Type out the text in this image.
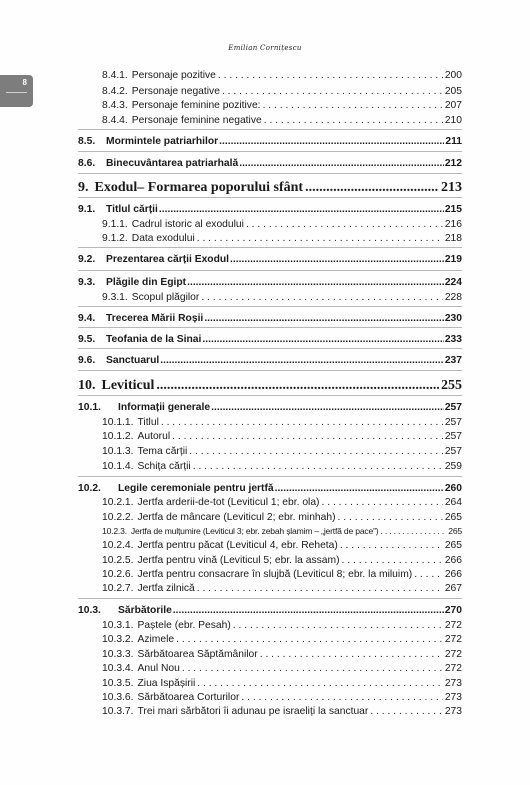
Emilian Cornițescu
8
8.4.1. Personaje pozitive . . .	200
8.4.2. Personaje negative . . .	205
8.4.3. Personaje feminine pozitive: . . .	207
8.4.4. Personaje feminine negative . . .	210
8.5.	Mormintele patriarhilor .....	211
8.6.	Binecuvântarea patriarhală .....	212
9. Exodul– Formarea poporului sfânt .....	213
9.1.	Titlul cărții .....	215
9.1.1. Cadrul istoric al exodului . . .	216
9.1.2. Data exodului . . .	218
9.2.	Prezentarea cărții Exodul .....	219
9.3.	Plăgile din Egipt .....	224
9.3.1. Scopul plăgilor . . .	228
9.4.	Trecerea Mării Roșii .....	230
9.5.	Teofania de la Sinai .....	233
9.6.	Sanctuarul .....	237
10. Leviticul .....	255
10.1.	Informații generale .....	257
10.1.1. Titlul . . .	257
10.1.2. Autorul . . .	257
10.1.3. Tema cărții . . .	257
10.1.4. Schița cărții . . .	259
10.2.	Legile ceremoniale pentru jertfă .....	260
10.2.1. Jertfa arderii-de-tot (Leviticul 1; ebr. ola) . . .	264
10.2.2. Jertfa de mâncare (Leviticul 2; ebr. minhah) . . .	265
10.2.3. Jertfa de mulțumire (Leviticul 3; ebr. zebah șlamim – „jertfă de pace”) . . .	265
10.2.4. Jertfa pentru păcat (Leviticul 4, ebr. Reheta) . . .	265
10.2.5. Jertfa pentru vină (Leviticul 5; ebr. la assam) . . .	266
10.2.6. Jertfa pentru consacrare în slujbă (Leviticul 8; ebr. la miluim) . . .	266
10.2.7. Jertfa zilnică . . .	267
10.3.	Sărbătorile .....	270
10.3.1. Paștele (ebr. Pesah) . . .	272
10.3.2. Azimele . . .	272
10.3.3. Sărbătoarea Săptămânilor . . .	272
10.3.4. Anul Nou . . .	272
10.3.5. Ziua Ispășirii . . .	273
10.3.6. Sărbătoarea Corturilor . . .	273
10.3.7. Trei mari sărbători îi adunau pe israeliți la sanctuar . . .	273
